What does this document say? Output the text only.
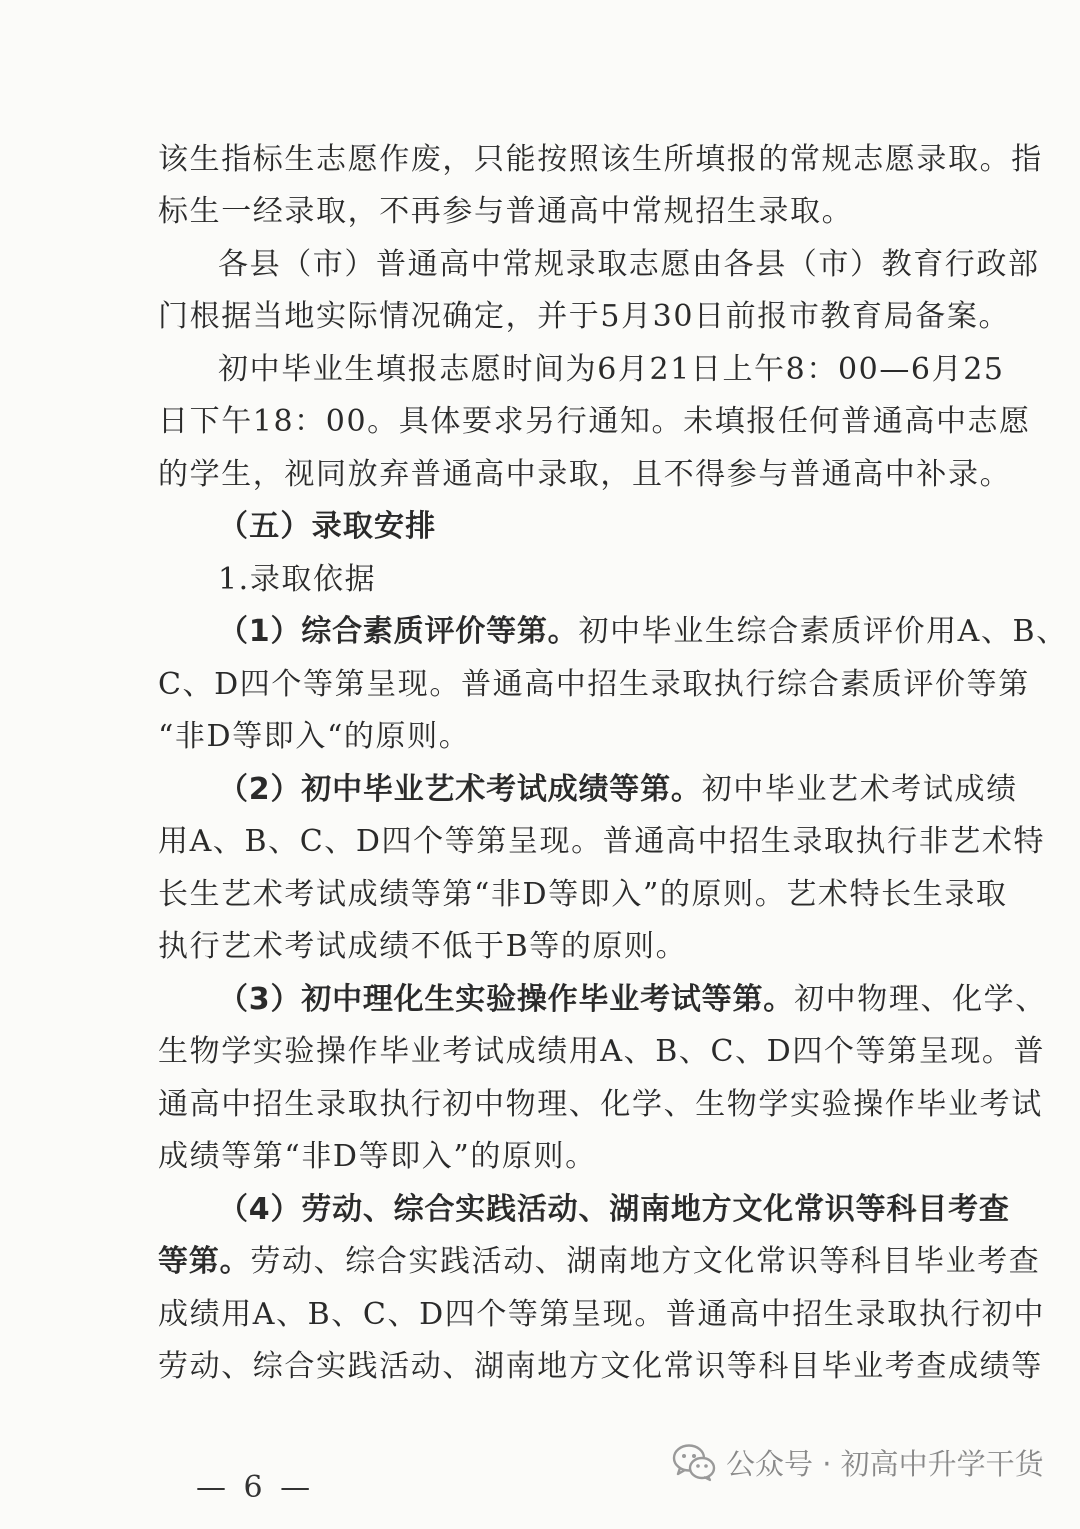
该生指标生志愿作废，只能按照该生所填报的常规志愿录取。指
标生一经录取，不再参与普通高中常规招生录取。
各县（市）普通高中常规录取志愿由各县（市）教育行政部
门根据当地实际情况确定，并于5月30日前报市教育局备案。
初中毕业生填报志愿时间为6月21日上午8：00—6月25
日下午18：00。具体要求另行通知。未填报任何普通高中志愿
的学生，视同放弃普通高中录取，且不得参与普通高中补录。
（五）录取安排
1.录取依据
（1）综合素质评价等第。初中毕业生综合素质评价用A、B、
C、D四个等第呈现。普通高中招生录取执行综合素质评价等第
“非D等即入“的原则。
（2）初中毕业艺术考试成绩等第。初中毕业艺术考试成绩
用A、B、C、D四个等第呈现。普通高中招生录取执行非艺术特
长生艺术考试成绩等第“非D等即入”的原则。艺术特长生录取
执行艺术考试成绩不低于B等的原则。
（3）初中理化生实验操作毕业考试等第。初中物理、化学、
生物学实验操作毕业考试成绩用A、B、C、D四个等第呈现。普
通高中招生录取执行初中物理、化学、生物学实验操作毕业考试
成绩等第“非D等即入”的原则。
（4）劳动、综合实践活动、湖南地方文化常识等科目考查
等第。劳动、综合实践活动、湖南地方文化常识等科目毕业考查
成绩用A、B、C、D四个等第呈现。普通高中招生录取执行初中
劳动、综合实践活动、湖南地方文化常识等科目毕业考查成绩等
— 6 —
公众号 · 初高中升学干货
